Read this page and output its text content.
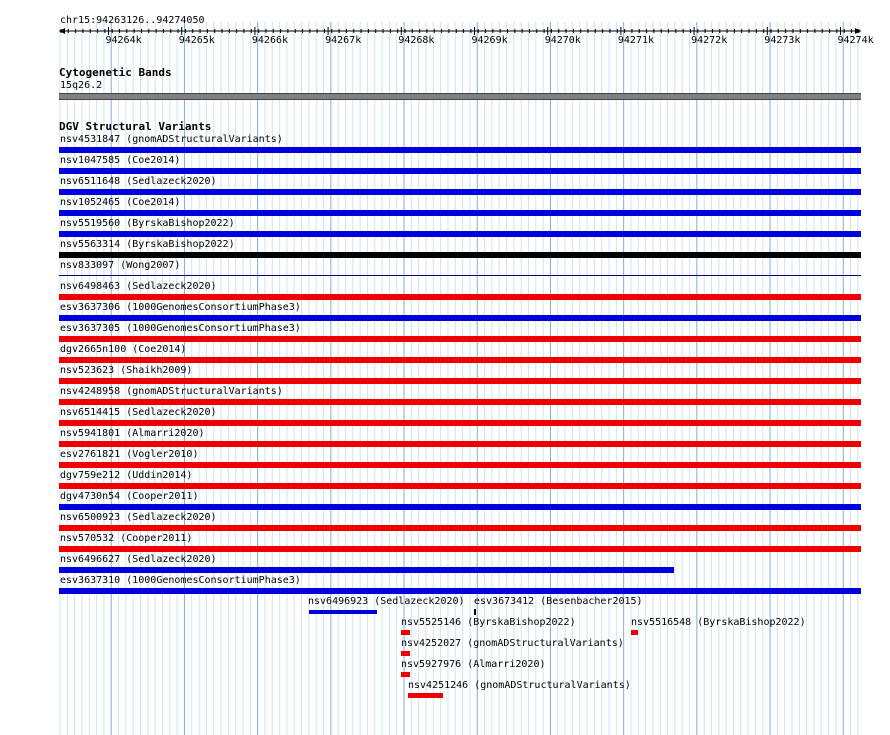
chr15:94263126..94274050
94264k	94265k	94266k	94267k	94268k	94269k	94270k	94271k	94272k	94273k	94274k
Cytogenetic Bands
15q26.2
DGV Structural Variants
nsv4531847 (gnomADStructuralVariants)
nsv1047585 (Coe2014)
nsv6511648 (Sedlazeck2020)
nsv1052465 (Coe2014)
nsv5519560 (ByrskaBishop2022)
nsv5563314 (ByrskaBishop2022)
nsv833097 (Wong2007)
nsv6498463 (Sedlazeck2020)
esv3637306 (1000GenomesConsortiumPhase3)
esv3637305 (1000GenomesConsortiumPhase3)
dgv2665n100 (Coe2014)
nsv523623 (Shaikh2009)
nsv4248958 (gnomADStructuralVariants)
nsv6514415 (Sedlazeck2020)
nsv5941801 (Almarri2020)
esv2761821 (Vogler2010)
dgv759e212 (Uddin2014)
dgv4730n54 (Cooper2011)
nsv6500923 (Sedlazeck2020)
nsv570532 (Cooper2011)
nsv6496627 (Sedlazeck2020)
esv3637310 (1000GenomesConsortiumPhase3)
nsv6496923 (Sedlazeck2020) esv3673412 (Besenbacher2015)
nsv5525146 (ByrskaBishop2022)	nsv5516548 (ByrskaBishop2022)
nsv4252027 (gnomADStructuralVariants)
nsv5927976 (Almarri2020)
nsv4251246 (gnomADStructuralVariants)
